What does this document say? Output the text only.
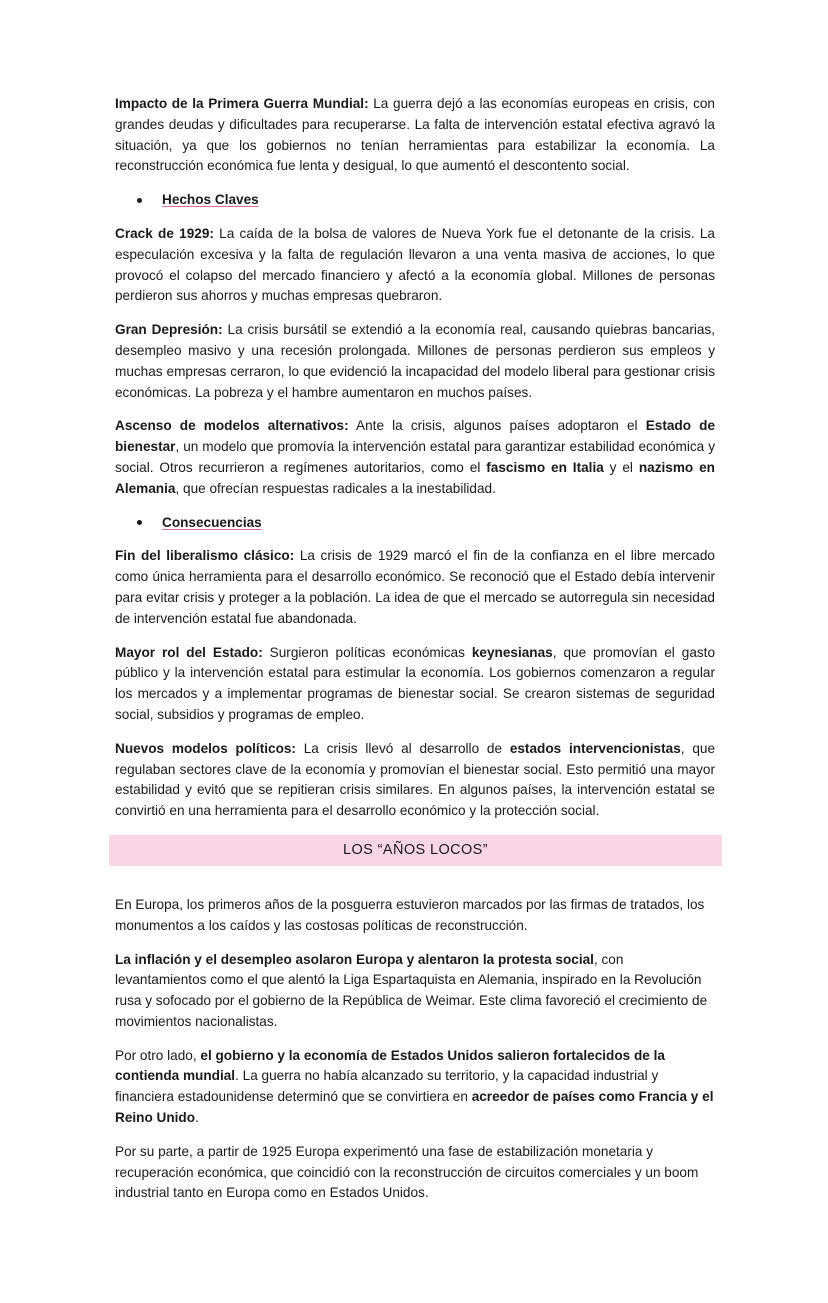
Impacto de la Primera Guerra Mundial: La guerra dejó a las economías europeas en crisis, con grandes deudas y dificultades para recuperarse. La falta de intervención estatal efectiva agravó la situación, ya que los gobiernos no tenían herramientas para estabilizar la economía. La reconstrucción económica fue lenta y desigual, lo que aumentó el descontento social.

Hechos Claves

Crack de 1929: La caída de la bolsa de valores de Nueva York fue el detonante de la crisis. La especulación excesiva y la falta de regulación llevaron a una venta masiva de acciones, lo que provocó el colapso del mercado financiero y afectó a la economía global. Millones de personas perdieron sus ahorros y muchas empresas quebraron.

Gran Depresión: La crisis bursátil se extendió a la economía real, causando quiebras bancarias, desempleo masivo y una recesión prolongada. Millones de personas perdieron sus empleos y muchas empresas cerraron, lo que evidenció la incapacidad del modelo liberal para gestionar crisis económicas. La pobreza y el hambre aumentaron en muchos países.

Ascenso de modelos alternativos: Ante la crisis, algunos países adoptaron el Estado de bienestar, un modelo que promovía la intervención estatal para garantizar estabilidad económica y social. Otros recurrieron a regímenes autoritarios, como el fascismo en Italia y el nazismo en Alemania, que ofrecían respuestas radicales a la inestabilidad.

Consecuencias

Fin del liberalismo clásico: La crisis de 1929 marcó el fin de la confianza en el libre mercado como única herramienta para el desarrollo económico. Se reconoció que el Estado debía intervenir para evitar crisis y proteger a la población. La idea de que el mercado se autorregula sin necesidad de intervención estatal fue abandonada.

Mayor rol del Estado: Surgieron políticas económicas keynesianas, que promovían el gasto público y la intervención estatal para estimular la economía. Los gobiernos comenzaron a regular los mercados y a implementar programas de bienestar social. Se crearon sistemas de seguridad social, subsidios y programas de empleo.

Nuevos modelos políticos: La crisis llevó al desarrollo de estados intervencionistas, que regulaban sectores clave de la economía y promovían el bienestar social. Esto permitió una mayor estabilidad y evitó que se repitieran crisis similares. En algunos países, la intervención estatal se convirtió en una herramienta para el desarrollo económico y la protección social.

LOS “AÑOS LOCOS”

En Europa, los primeros años de la posguerra estuvieron marcados por las firmas de tratados, los monumentos a los caídos y las costosas políticas de reconstrucción.

La inflación y el desempleo asolaron Europa y alentaron la protesta social, con levantamientos como el que alentó la Liga Espartaquista en Alemania, inspirado en la Revolución rusa y sofocado por el gobierno de la República de Weimar. Este clima favoreció el crecimiento de movimientos nacionalistas.

Por otro lado, el gobierno y la economía de Estados Unidos salieron fortalecidos de la contienda mundial. La guerra no había alcanzado su territorio, y la capacidad industrial y financiera estadounidense determinó que se convirtiera en acreedor de países como Francia y el Reino Unido.

Por su parte, a partir de 1925 Europa experimentó una fase de estabilización monetaria y recuperación económica, que coincidió con la reconstrucción de circuitos comerciales y un boom industrial tanto en Europa como en Estados Unidos.
